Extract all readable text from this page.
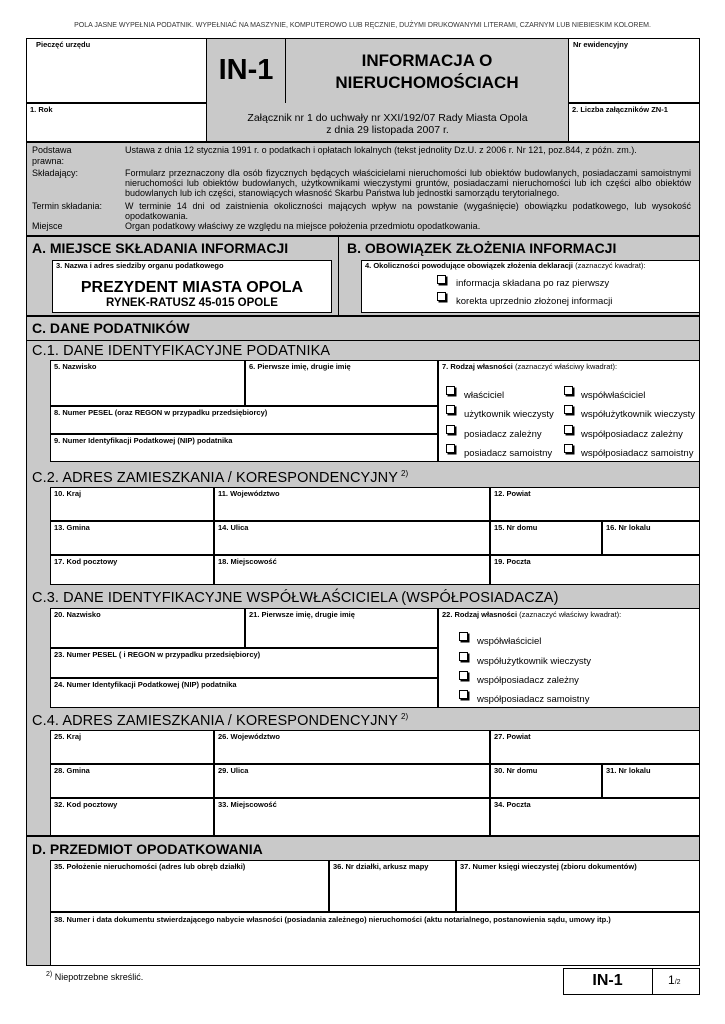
POLA JASNE WYPEŁNIA PODATNIK. WYPEŁNIAĆ NA MASZYNIE, KOMPUTEROWO LUB RĘCZNIE, DUŻYMI DRUKOWANYMI LITERAMI, CZARNYM LUB NIEBIESKIM KOLOREM.
Pieczęć urzędu
IN-1	INFORMACJA O
NIERUCHOMOŚCIACH
Nr ewidencyjny
1. Rok
Załącznik nr 1 do uchwały nr XXI/192/07 Rady Miasta Opola
z dnia 29 listopada 2007 r.
2. Liczba załączników ZN-1
Podstawa
prawna:
Ustawa z dnia 12 stycznia 1991 r. o podatkach i opłatach lokalnych (tekst jednolity Dz.U. z 2006 r. Nr 121, poz.844, z późn. zm.).
Składający:	Formularz przeznaczony dla osób fizycznych będących właścicielami nieruchomości lub obiektów budowlanych, posiadaczami samoistnymi nieruchomości lub obiektów budowlanych, użytkownikami wieczystymi gruntów, posiadaczami nieruchomości lub ich części albo obiektów budowlanych lub ich części, stanowiących własność Skarbu Państwa lub jednostki samorządu terytorialnego.
Termin składania:	W terminie 14 dni od zaistnienia okoliczności mających wpływ na powstanie (wygaśnięcie) obowiązku podatkowego, lub wysokość opodatkowania.
Miejsce	Organ podatkowy właściwy ze względu na miejsce położenia przedmiotu opodatkowania.
A. MIEJSCE SKŁADANIA INFORMACJI	B. OBOWIĄZEK ZŁOŻENIA INFORMACJI
3. Nazwa i adres siedziby organu podatkowego
PREZYDENT MIASTA OPOLA
RYNEK-RATUSZ 45-015 OPOLE
4. Okoliczności powodujące obowiązek złożenia deklaracji (zaznaczyć kwadrat):
informacja składana po raz pierwszy
korekta uprzednio złożonej informacji
C. DANE PODATNIKÓW
C.1. DANE IDENTYFIKACYJNE PODATNIKA
5. Nazwisko	6. Pierwsze imię, drugie imię
8. Numer PESEL (oraz REGON w przypadku przedsiębiorcy)
9. Numer Identyfikacji Podatkowej (NIP) podatnika
7. Rodzaj własności (zaznaczyć właściwy kwadrat):
właściciel
użytkownik wieczysty
posiadacz zależny
posiadacz samoistny
współwłaściciel
współużytkownik wieczysty
współposiadacz zależny
współposiadacz samoistny
C.2. ADRES ZAMIESZKANIA / KORESPONDENCYJNY $^{2)}$
10. Kraj	11. Województwo	12. Powiat
13. Gmina	14. Ulica	15. Nr domu	16. Nr lokalu
17. Kod pocztowy	18. Miejscowość	19. Poczta
C.3. DANE IDENTYFIKACYJNE WSPÓŁWŁAŚCICIELA (WSPÓŁPOSIADACZA)
20. Nazwisko	21. Pierwsze imię, drugie imię
23. Numer PESEL ( i REGON w przypadku przedsiębiorcy)
24. Numer Identyfikacji Podatkowej (NIP) podatnika
22. Rodzaj własności (zaznaczyć właściwy kwadrat):
współwłaściciel
współużytkownik wieczysty
współposiadacz zależny
współposiadacz samoistny
C.4. ADRES ZAMIESZKANIA / KORESPONDENCYJNY $^{2)}$
25. Kraj	26. Województwo	27. Powiat
28. Gmina	29. Ulica	30. Nr domu	31. Nr lokalu
32. Kod pocztowy	33. Miejscowość	34. Poczta
D. PRZEDMIOT OPODATKOWANIA
35. Położenie nieruchomości (adres lub obręb działki)	36. Nr działki, arkusz mapy	37. Numer księgi wieczystej (zbioru dokumentów)
38. Numer i data dokumentu stwierdzającego nabycie własności (posiadania zależnego) nieruchomości (aktu notarialnego, postanowienia sądu, umowy itp.)
$^{2)}$ Niepotrzebne skreślić.	IN-1	1/2
